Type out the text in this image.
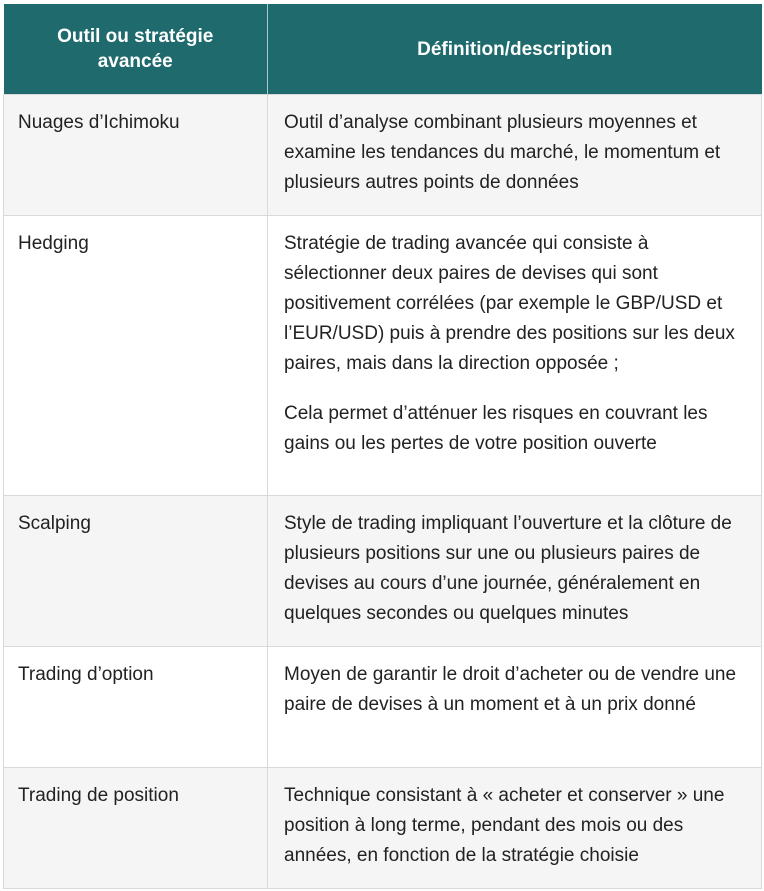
Outil ou stratégie avancée	Définition/description
Nuages d’Ichimoku	Outil d’analyse combinant plusieurs moyennes et examine les tendances du marché, le momentum et plusieurs autres points de données

Hedging	Stratégie de trading avancée qui consiste à sélectionner deux paires de devises qui sont positivement corrélées (par exemple le GBP/USD et l’EUR/USD) puis à prendre des positions sur les deux paires, mais dans la direction opposée ;

Cela permet d’atténuer les risques en couvrant les gains ou les pertes de votre position ouverte

Scalping	Style de trading impliquant l’ouverture et la clôture de plusieurs positions sur une ou plusieurs paires de devises au cours d’une journée, généralement en quelques secondes ou quelques minutes

Trading d’option	Moyen de garantir le droit d’acheter ou de vendre une paire de devises à un moment et à un prix donné

Trading de position	Technique consistant à « acheter et conserver » une position à long terme, pendant des mois ou des années, en fonction de la stratégie choisie
